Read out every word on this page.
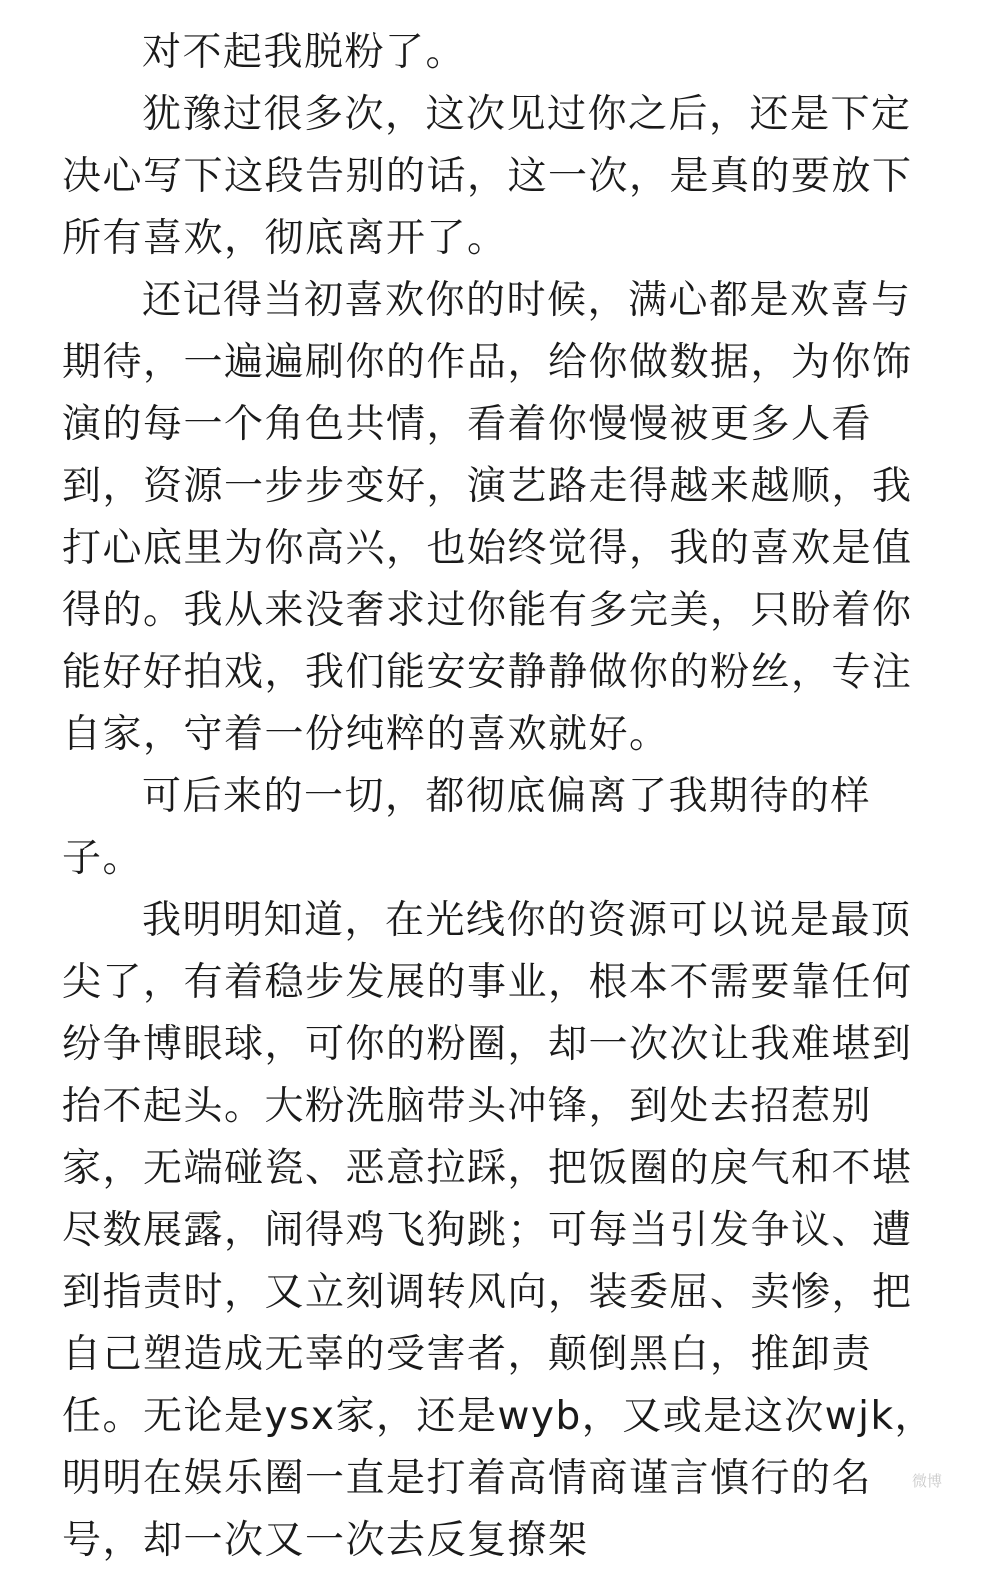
对不起我脱粉了。
犹豫过很多次，这次见过你之后，还是下定
决心写下这段告别的话，这一次，是真的要放下
所有喜欢，彻底离开了。
还记得当初喜欢你的时候，满心都是欢喜与
期待，一遍遍刷你的作品，给你做数据，为你饰
演的每一个角色共情，看着你慢慢被更多人看
到，资源一步步变好，演艺路走得越来越顺，我
打心底里为你高兴，也始终觉得，我的喜欢是值
得的。我从来没奢求过你能有多完美，只盼着你
能好好拍戏，我们能安安静静做你的粉丝，专注
自家，守着一份纯粹的喜欢就好。
可后来的一切，都彻底偏离了我期待的样
子。
我明明知道，在光线你的资源可以说是最顶
尖了，有着稳步发展的事业，根本不需要靠任何
纷争博眼球，可你的粉圈，却一次次让我难堪到
抬不起头。大粉洗脑带头冲锋，到处去招惹别
家，无端碰瓷、恶意拉踩，把饭圈的戾气和不堪
尽数展露，闹得鸡飞狗跳；可每当引发争议、遭
到指责时，又立刻调转风向，装委屈、卖惨，把
自己塑造成无辜的受害者，颠倒黑白，推卸责
任。无论是ysx家，还是wyb，又或是这次wjk，
明明在娱乐圈一直是打着高情商谨言慎行的名
号，却一次又一次去反复撩架
微博
